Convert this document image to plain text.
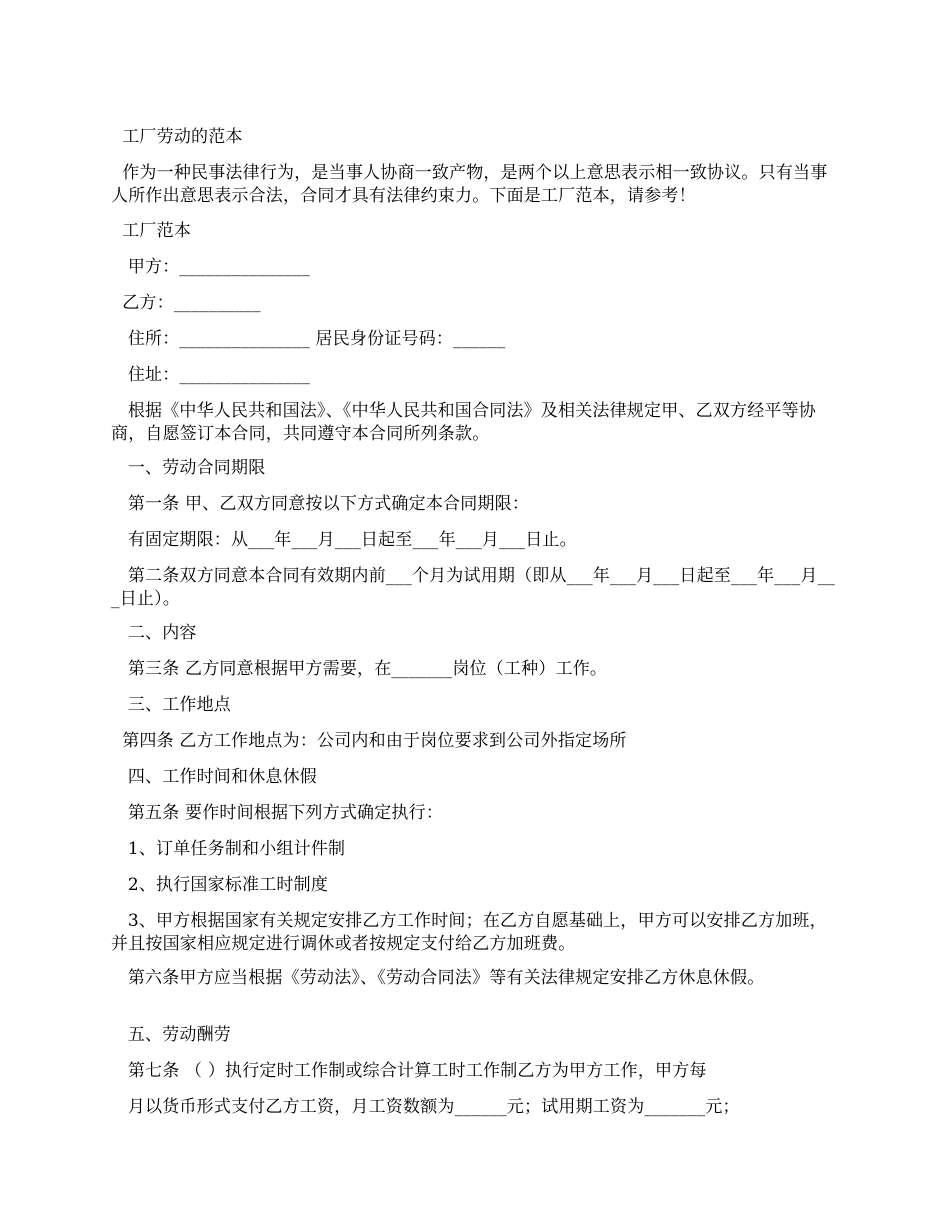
工厂劳动的范本
作为一种民事法律行为，是当事人协商一致产物，是两个以上意思表示相一致协议。只有当事人所作出意思表示合法，合同才具有法律约束力。下面是工厂范本，请参考！
工厂范本
甲方：_______________
乙方：__________
住所：_______________ 居民身份证号码：______
住址：_______________
根据《中华人民共和国法》、《中华人民共和国合同法》及相关法律规定甲、乙双方经平等协商，自愿签订本合同，共同遵守本合同所列条款。
一、劳动合同期限
第一条 甲、乙双方同意按以下方式确定本合同期限：
有固定期限：从___年___月___日起至___年___月___日止。
第二条双方同意本合同有效期内前___个月为试用期（即从___年___月___日起至___年___月___日止）。
二、内容
第三条 乙方同意根据甲方需要，在_______岗位（工种）工作。
三、工作地点
第四条 乙方工作地点为：公司内和由于岗位要求到公司外指定场所
四、工作时间和休息休假
第五条 要作时间根据下列方式确定执行：
1、订单任务制和小组计件制
2、执行国家标准工时制度
3、甲方根据国家有关规定安排乙方工作时间；在乙方自愿基础上，甲方可以安排乙方加班，并且按国家相应规定进行调休或者按规定支付给乙方加班费。
第六条甲方应当根据《劳动法》、《劳动合同法》等有关法律规定安排乙方休息休假。
五、劳动酬劳
第七条 （ ）执行定时工作制或综合计算工时工作制乙方为甲方工作，甲方每
月以货币形式支付乙方工资，月工资数额为______元；试用期工资为_______元；
